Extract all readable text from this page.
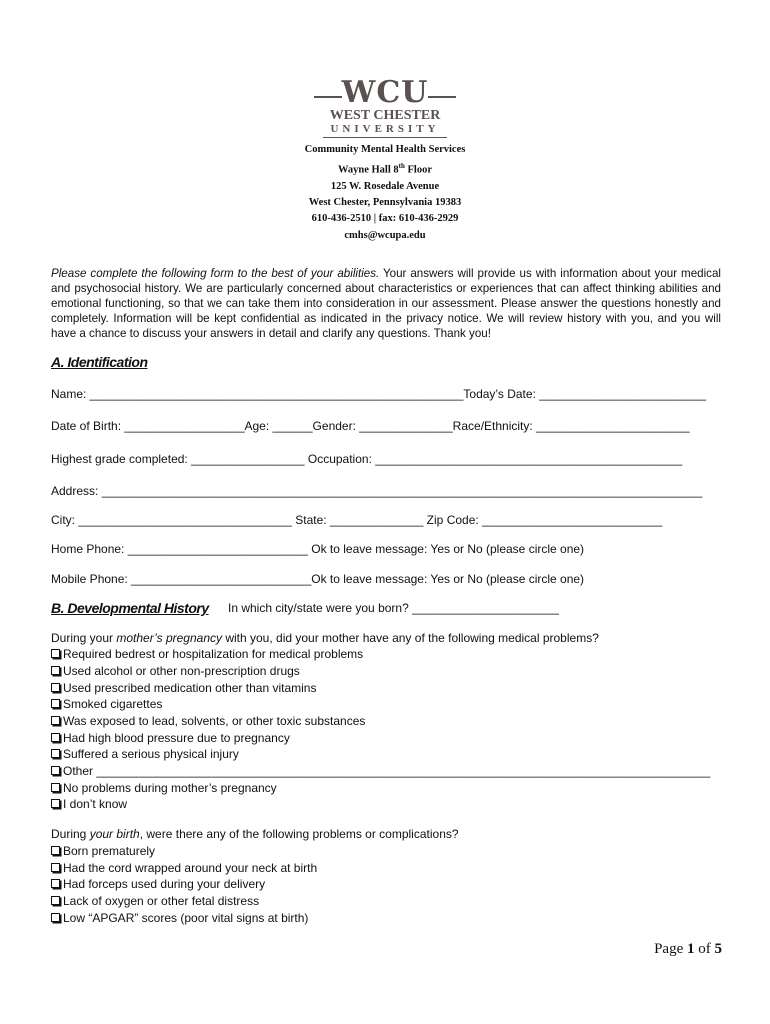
WCU
WEST CHESTER
UNIVERSITY
Community Mental Health Services
Wayne Hall 8th Floor
125 W. Rosedale Avenue
West Chester, Pennsylvania 19383
610-436-2510 | fax: 610-436-2929
cmhs@wcupa.edu
Please complete the following form to the best of your abilities. Your answers will provide us with information about your medical and psychosocial history. We are particularly concerned about characteristics or experiences that can affect thinking abilities and emotional functioning, so that we can take them into consideration in our assessment. Please answer the questions honestly and completely. Information will be kept confidential as indicated in the privacy notice. We will review history with you, and you will have a chance to discuss your answers in detail and clarify any questions. Thank you!
A. Identification
Name: ________________________________________________________Today’s Date: _________________________
Date of Birth: __________________Age: ______Gender: ______________Race/Ethnicity: _______________________
Highest grade completed: _________________ Occupation: ______________________________________________
Address: __________________________________________________________________________________________
City: ________________________________ State: ______________ Zip Code: ___________________________
Home Phone: ___________________________ Ok to leave message: Yes or No (please circle one)
Mobile Phone: ___________________________Ok to leave message: Yes or No (please circle one)
B. Developmental History In which city/state were you born? ______________________
During your mother’s pregnancy with you, did your mother have any of the following medical problems?
Required bedrest or hospitalization for medical problems
Used alcohol or other non-prescription drugs
Used prescribed medication other than vitamins
Smoked cigarettes
Was exposed to lead, solvents, or other toxic substances
Had high blood pressure due to pregnancy
Suffered a serious physical injury
Other ____________________________________________________________________________________________
No problems during mother’s pregnancy
I don’t know
During your birth, were there any of the following problems or complications?
Born prematurely
Had the cord wrapped around your neck at birth
Had forceps used during your delivery
Lack of oxygen or other fetal distress
Low “APGAR” scores (poor vital signs at birth)
Page 1 of 5
